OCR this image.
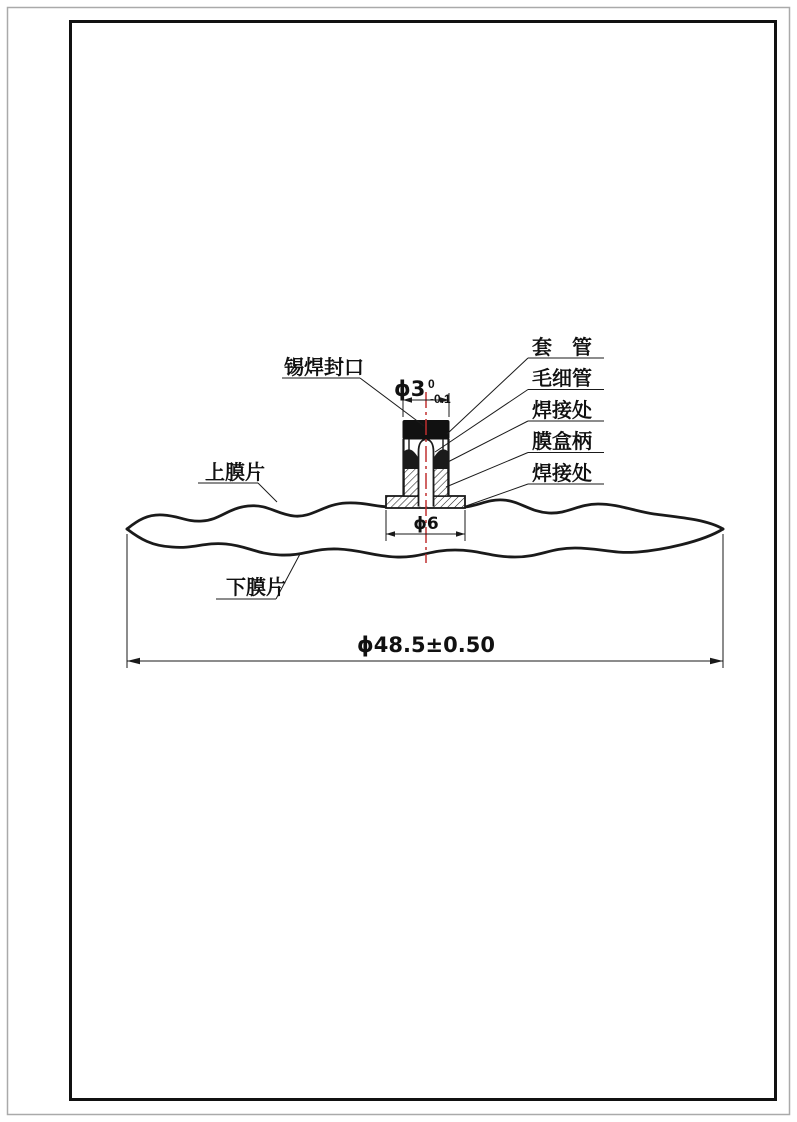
ϕ3 0 -0.1
ϕ6
ϕ48.5±0.50
锡焊封口
套　管
毛细管
焊接处
膜盒柄
焊接处
上膜片
下膜片
